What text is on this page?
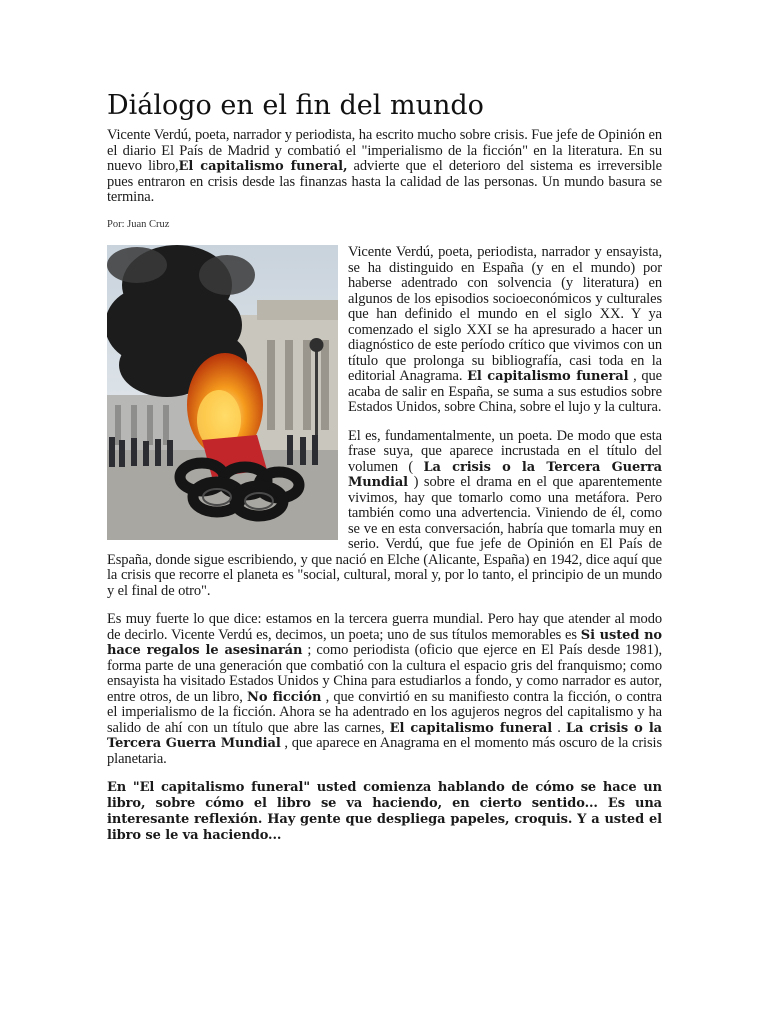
Diálogo en el fin del mundo

Vicente Verdú, poeta, narrador y periodista, ha escrito mucho sobre crisis. Fue jefe de Opinión en el diario El País de Madrid y combatió el "imperialismo de la ficción" en la literatura. En su nuevo libro,El capitalismo funeral, advierte que el deterioro del sistema es irreversible pues entraron en crisis desde las finanzas hasta la calidad de las personas. Un mundo basura se termina.

Por: Juan Cruz

Vicente Verdú, poeta, periodista, narrador y ensayista, se ha distinguido en España (y en el mundo) por haberse adentrado con solvencia (y literatura) en algunos de los episodios socioeconómicos y culturales que han definido el mundo en el siglo XX. Y ya comenzado el siglo XXI se ha apresurado a hacer un diagnóstico de este período crítico que vivimos con un título que prolonga su bibliografía, casi toda en la editorial Anagrama. El capitalismo funeral , que acaba de salir en España, se suma a sus estudios sobre Estados Unidos, sobre China, sobre el lujo y la cultura.

El es, fundamentalmente, un poeta. De modo que esta frase suya, que aparece incrustada en el título del volumen ( La crisis o la Tercera Guerra Mundial ) sobre el drama en el que aparentemente vivimos, hay que tomarlo como una metáfora. Pero también como una advertencia. Viniendo de él, como se ve en esta conversación, habría que tomarla muy en serio. Verdú, que fue jefe de Opinión en El País de España, donde sigue escribiendo, y que nació en Elche (Alicante, España) en 1942, dice aquí que la crisis que recorre el planeta es "social, cultural, moral y, por lo tanto, el principio de un mundo y el final de otro".

Es muy fuerte lo que dice: estamos en la tercera guerra mundial. Pero hay que atender al modo de decirlo. Vicente Verdú es, decimos, un poeta; uno de sus títulos memorables es Si usted no hace regalos le asesinarán ; como periodista (oficio que ejerce en El País desde 1981), forma parte de una generación que combatió con la cultura el espacio gris del franquismo; como ensayista ha visitado Estados Unidos y China para estudiarlos a fondo, y como narrador es autor, entre otros, de un libro, No ficción , que convirtió en su manifiesto contra la ficción, o contra el imperialismo de la ficción. Ahora se ha adentrado en los agujeros negros del capitalismo y ha salido de ahí con un título que abre las carnes, El capitalismo funeral . La crisis o la Tercera Guerra Mundial , que aparece en Anagrama en el momento más oscuro de la crisis planetaria.

En "El capitalismo funeral" usted comienza hablando de cómo se hace un libro, sobre cómo el libro se va haciendo, en cierto sentido... Es una interesante reflexión. Hay gente que despliega papeles, croquis. Y a usted el libro se le va haciendo...
